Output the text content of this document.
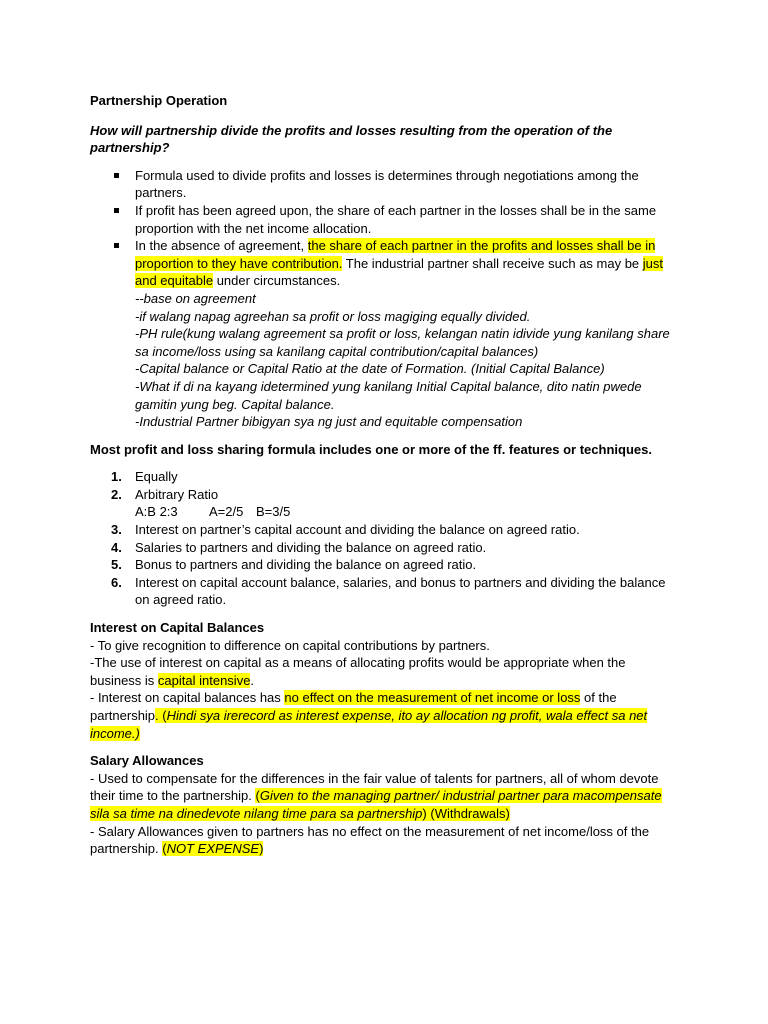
Partnership Operation

How will partnership divide the profits and losses resulting from the operation of the partnership?

Formula used to divide profits and losses is determines through negotiations among the partners.
If profit has been agreed upon, the share of each partner in the losses shall be in the same proportion with the net income allocation.
In the absence of agreement, the share of each partner in the profits and losses shall be in proportion to they have contribution. The industrial partner shall receive such as may be just and equitable under circumstances.
--base on agreement
-if walang napag agreehan sa profit or loss magiging equally divided.
-PH rule(kung walang agreement sa profit or loss, kelangan natin idivide yung kanilang share sa income/loss using sa kanilang capital contribution/capital balances)
-Capital balance or Capital Ratio at the date of Formation. (Initial Capital Balance)
-What if di na kayang idetermined yung kanilang Initial Capital balance, dito natin pwede gamitin yung beg. Capital balance.
-Industrial Partner bibigyan sya ng just and equitable compensation

Most profit and loss sharing formula includes one or more of the ff. features or techniques.

1. Equally
2. Arbitrary Ratio
A:B 2:3 A=2/5 B=3/5
3. Interest on partner’s capital account and dividing the balance on agreed ratio.
4. Salaries to partners and dividing the balance on agreed ratio.
5. Bonus to partners and dividing the balance on agreed ratio.
6. Interest on capital account balance, salaries, and bonus to partners and dividing the balance on agreed ratio.

Interest on Capital Balances

- To give recognition to difference on capital contributions by partners.

-The use of interest on capital as a means of allocating profits would be appropriate when the business is capital intensive.

- Interest on capital balances has no effect on the measurement of net income or loss of the partnership. (Hindi sya irerecord as interest expense, ito ay allocation ng profit, wala effect sa net income.)

Salary Allowances

- Used to compensate for the differences in the fair value of talents for partners, all of whom devote their time to the partnership. (Given to the managing partner/ industrial partner para macompensate sila sa time na dinedevote nilang time para sa partnership) (Withdrawals)

- Salary Allowances given to partners has no effect on the measurement of net income/loss of the partnership. (NOT EXPENSE)
